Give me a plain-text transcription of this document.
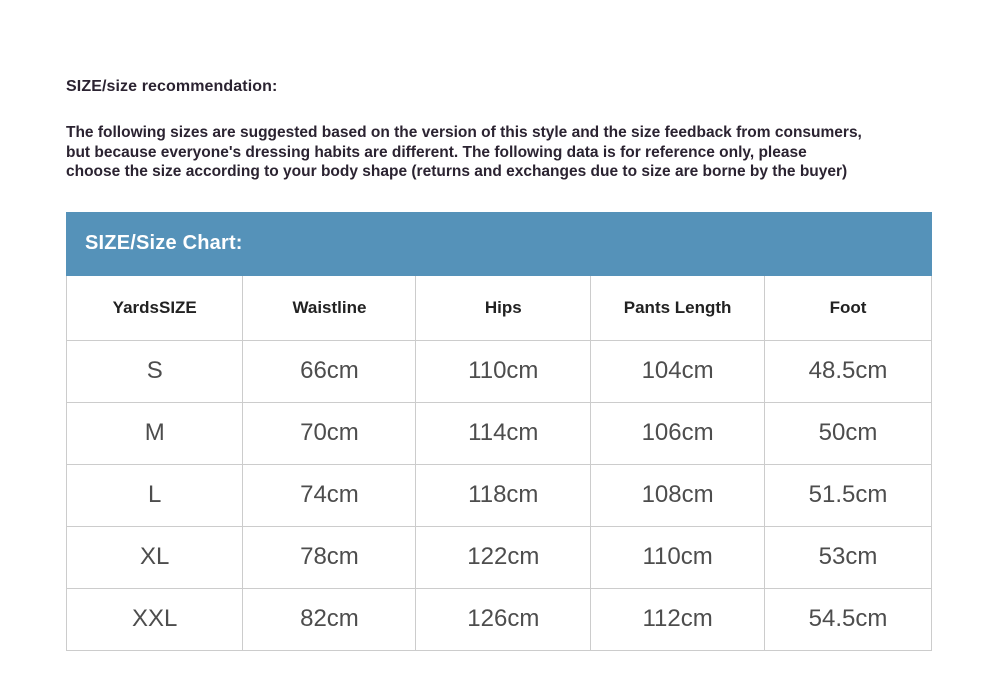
SIZE/size recommendation:
The following sizes are suggested based on the version of this style and the size feedback from consumers,
but because everyone's dressing habits are different. The following data is for reference only, please
choose the size according to your body shape (returns and exchanges due to size are borne by the buyer)
SIZE/Size Chart:
YardsSIZE	Waistline	Hips	Pants Length	Foot
S	66cm	110cm	104cm	48.5cm
M	70cm	114cm	106cm	50cm
L	74cm	118cm	108cm	51.5cm
XL	78cm	122cm	110cm	53cm
XXL	82cm	126cm	112cm	54.5cm
